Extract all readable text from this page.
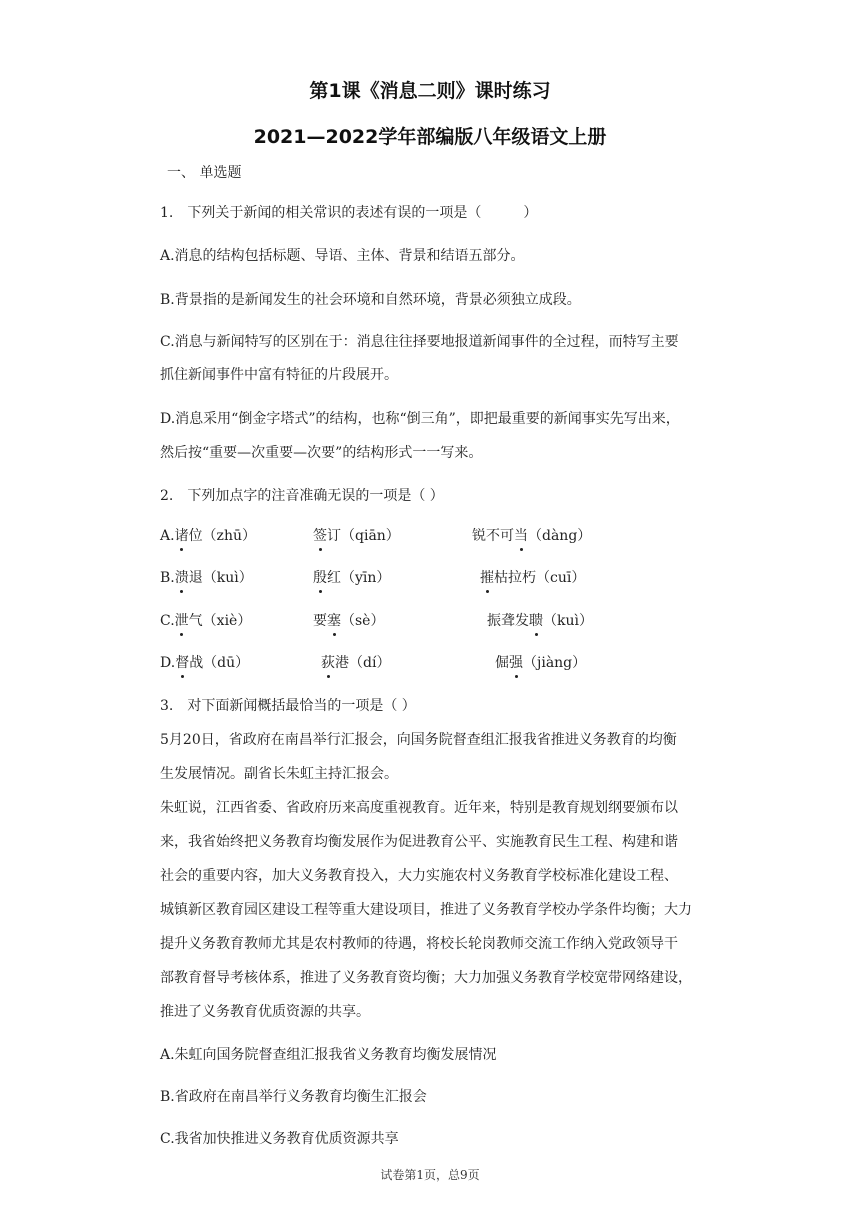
第1课《消息二则》课时练习
2021—2022学年部编版八年级语文上册
一、 单选题
1.　下列关于新闻的相关常识的表述有误的一项是（　　　）
A.消息的结构包括标题、导语、主体、背景和结语五部分。
B.背景指的是新闻发生的社会环境和自然环境，背景必须独立成段。
C.消息与新闻特写的区别在于：消息往往择要地报道新闻事件的全过程，而特写主要
抓住新闻事件中富有特征的片段展开。
D.消息采用“倒金字塔式”的结构，也称“倒三角”，即把最重要的新闻事实先写出来，
然后按“重要—次重要—次要”的结构形式一一写来。
2.　下列加点字的注音准确无误的一项是（ ）
A.诸位（zhū）	签订（qiān）	锐不可当（dàng）
B.溃退（kuì）	殷红（yīn）	摧枯拉朽（cuī）
C.泄气（xiè）	要塞（sè）	振聋发聩（kuì）
D.督战（dū）	荻港（dí）	倔强（jiàng）
3.　对下面新闻概括最恰当的一项是（ ）
5月20日，省政府在南昌举行汇报会，向国务院督查组汇报我省推进义务教育的均衡
生发展情况。副省长朱虹主持汇报会。
朱虹说，江西省委、省政府历来高度重视教育。近年来，特别是教育规划纲要颁布以
来，我省始终把义务教育均衡发展作为促进教育公平、实施教育民生工程、构建和谐
社会的重要内容，加大义务教育投入，大力实施农村义务教育学校标准化建设工程、
城镇新区教育园区建设工程等重大建设项目，推进了义务教育学校办学条件均衡；大力
提升义务教育教师尤其是农村教师的待遇，将校长轮岗教师交流工作纳入党政领导干
部教育督导考核体系，推进了义务教育资均衡；大力加强义务教育学校宽带网络建设，
推进了义务教育优质资源的共享。
A.朱虹向国务院督查组汇报我省义务教育均衡发展情况
B.省政府在南昌举行义务教育均衡生汇报会
C.我省加快推进义务教育优质资源共享
试卷第1页，总9页
